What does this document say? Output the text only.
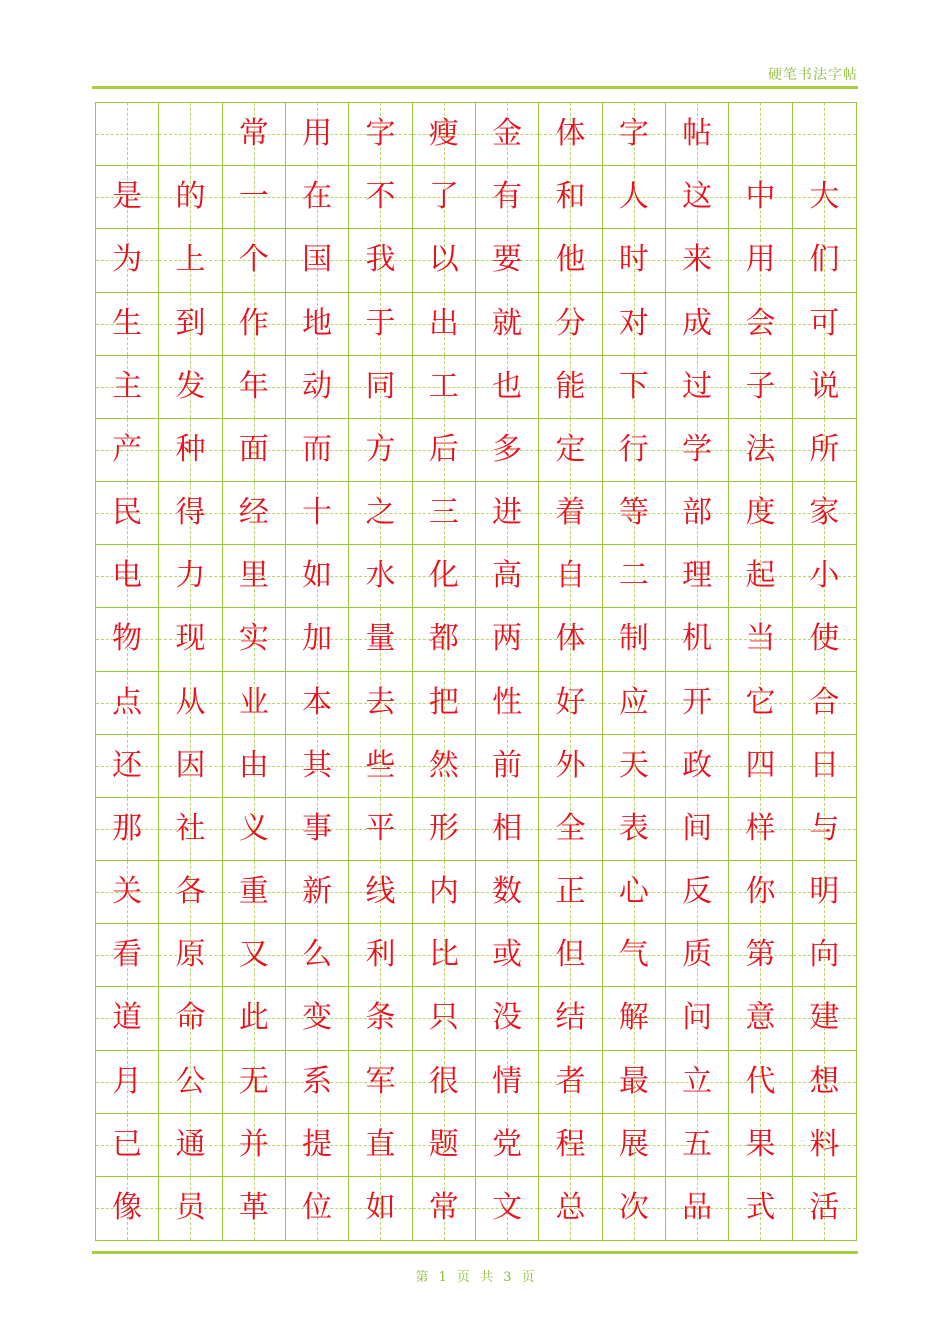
硬笔书法字帖
常 用 字 瘦 金 体 字 帖
是 的 一 在 不 了 有 和 人 这 中 大
为 上 个 国 我 以 要 他 时 来 用 们
生 到 作 地 于 出 就 分 对 成 会 可
主 发 年 动 同 工 也 能 下 过 子 说
产 种 面 而 方 后 多 定 行 学 法 所
民 得 经 十 之 三 进 着 等 部 度 家
电 力 里 如 水 化 高 自 二 理 起 小
物 现 实 加 量 都 两 体 制 机 当 使
点 从 业 本 去 把 性 好 应 开 它 合
还 因 由 其 些 然 前 外 天 政 四 日
那 社 义 事 平 形 相 全 表 间 样 与
关 各 重 新 线 内 数 正 心 反 你 明
看 原 又 么 利 比 或 但 气 质 第 向
道 命 此 变 条 只 没 结 解 问 意 建
月 公 无 系 军 很 情 者 最 立 代 想
已 通 并 提 直 题 党 程 展 五 果 料
像 员 革 位 如 常 文 总 次 品 式 活
第 1 页 共 3 页
